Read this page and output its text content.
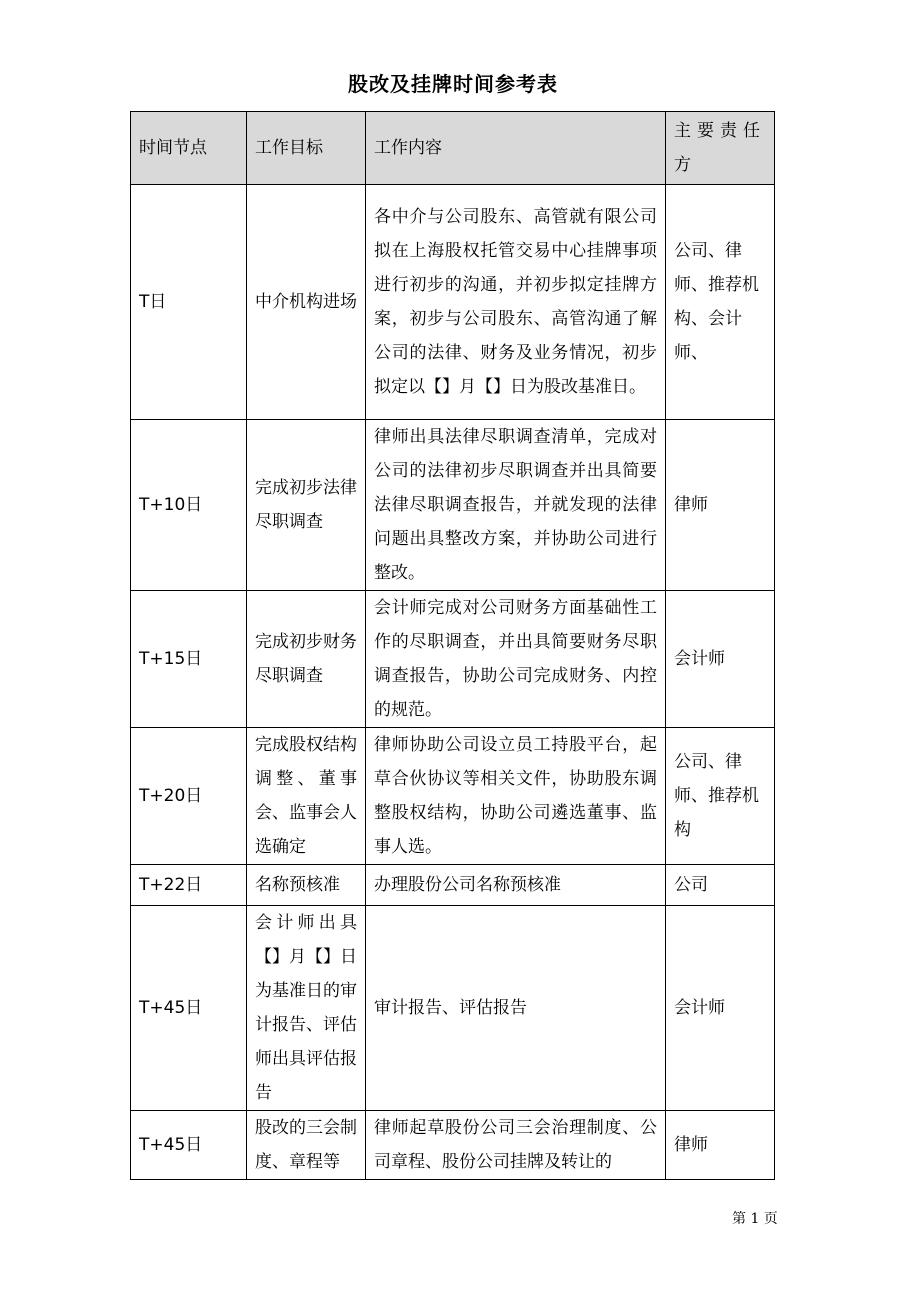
股改及挂牌时间参考表
时间节点	工作目标	工作内容	主要责任方
T日	中介机构进场	各中介与公司股东、高管就有限公司拟在上海股权托管交易中心挂牌事项进行初步的沟通，并初步拟定挂牌方案，初步与公司股东、高管沟通了解公司的法律、财务及业务情况，初步拟定以【】月【】日为股改基准日。	公司、律师、推荐机构、会计师、
T+10日	完成初步法律尽职调查	律师出具法律尽职调查清单，完成对公司的法律初步尽职调查并出具简要法律尽职调查报告，并就发现的法律问题出具整改方案，并协助公司进行整改。	律师
T+15日	完成初步财务尽职调查	会计师完成对公司财务方面基础性工作的尽职调查，并出具简要财务尽职调查报告，协助公司完成财务、内控的规范。	会计师
T+20日	完成股权结构调整、董事会、监事会人选确定	律师协助公司设立员工持股平台，起草合伙协议等相关文件，协助股东调整股权结构，协助公司遴选董事、监事人选。	公司、律师、推荐机构
T+22日	名称预核准	办理股份公司名称预核准	公司
T+45日	会计师出具【】月【】日为基准日的审计报告、评估师出具评估报告	审计报告、评估报告	会计师
T+45日	股改的三会制度、章程等	律师起草股份公司三会治理制度、公司章程、股份公司挂牌及转让的	律师
第 1 页
